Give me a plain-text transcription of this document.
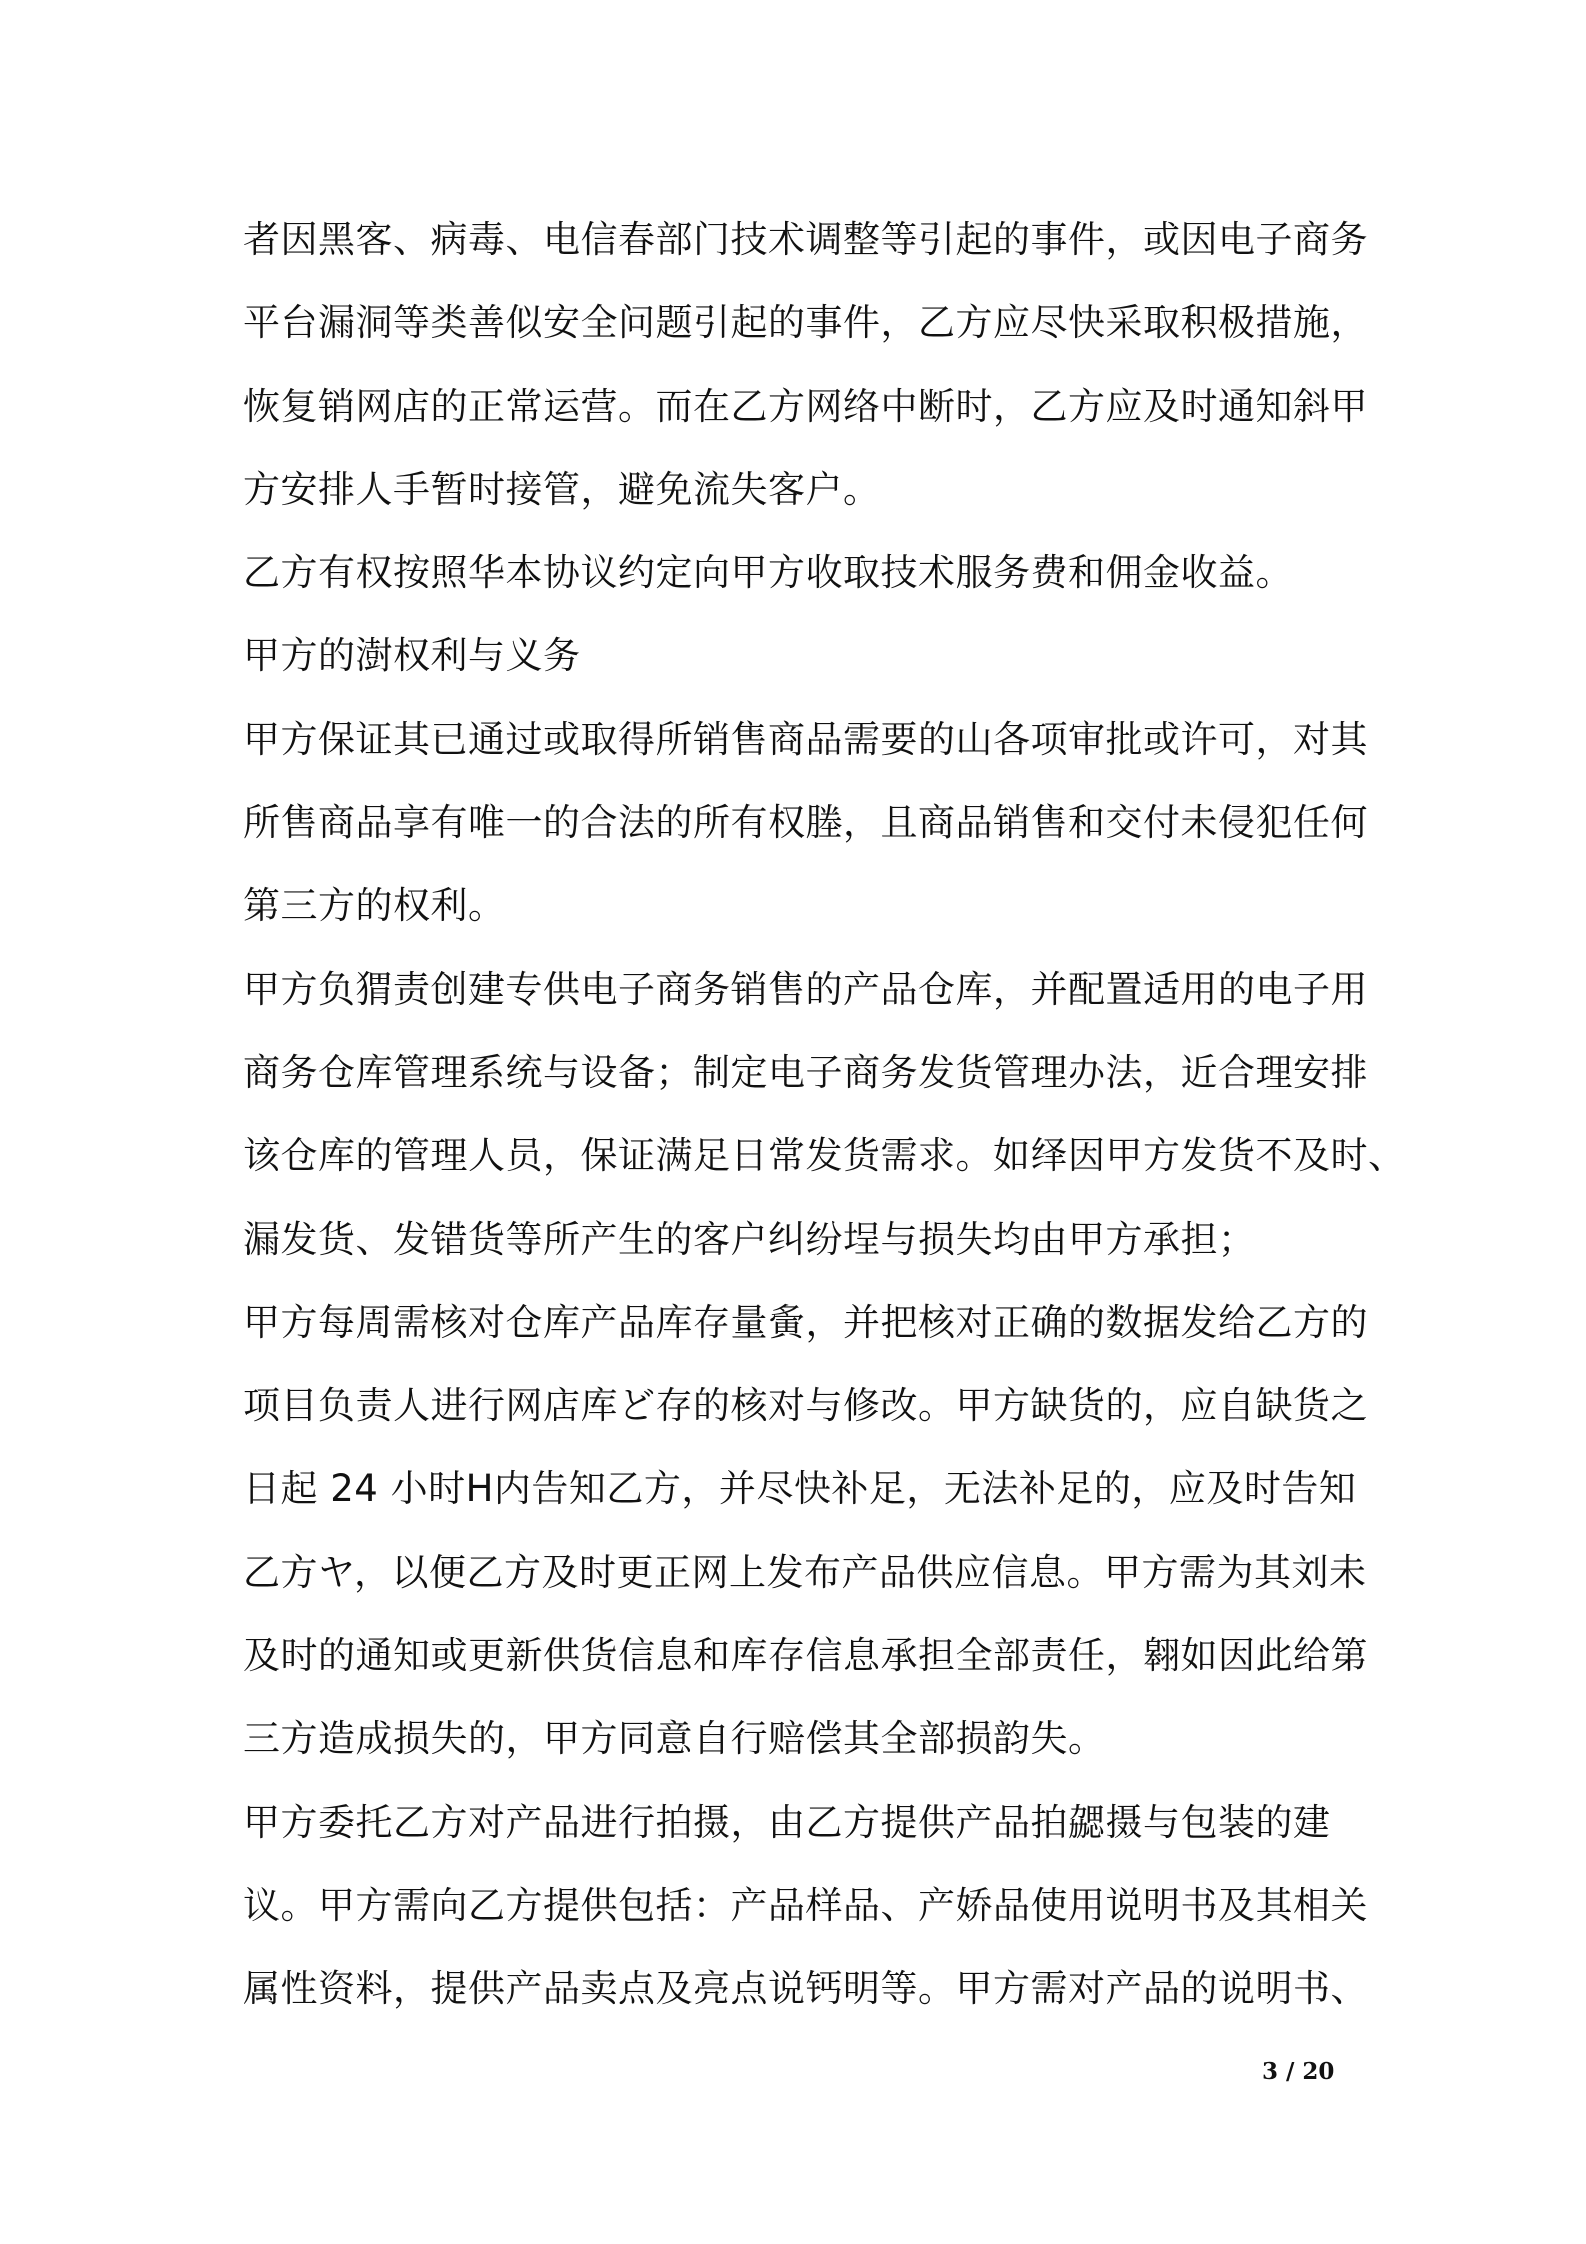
者因黑客、病毒、电信春部门技术调整等引起的事件，或因电子商务
平台漏洞等类善似安全问题引起的事件，乙方应尽快采取积极措施，
恢复销网店的正常运营。而在乙方网络中断时，乙方应及时通知斜甲
方安排人手暂时接管，避免流失客户。
乙方有权按照华本协议约定向甲方收取技术服务费和佣金收益。
甲方的澍权利与义务
甲方保证其已通过或取得所销售商品需要的山各项审批或许可，对其
所售商品享有唯一的合法的所有权塍，且商品销售和交付未侵犯任何
第三方的权利。
甲方负猬责创建专供电子商务销售的产品仓库，并配置适用的电子用
商务仓库管理系统与设备；制定电子商务发货管理办法，近合理安排
该仓库的管理人员，保证满足日常发货需求。如绎因甲方发货不及时、
漏发货、发错货等所产生的客户纠纷埕与损失均由甲方承担；
甲方每周需核对仓库产品库存量夤，并把核对正确的数据发给乙方的
项目负责人进行网店库ど存的核对与修改。甲方缺货的，应自缺货之
日起 24 小时H内告知乙方，并尽快补足，无法补足的，应及时告知
乙方ヤ，以便乙方及时更正网上发布产品供应信息。甲方需为其刘未
及时的通知或更新供货信息和库存信息承担全部责任，翱如因此给第
三方造成损失的，甲方同意自行赔偿其全部损韵失。
甲方委托乙方对产品进行拍摄，由乙方提供产品拍勰摄与包装的建
议。甲方需向乙方提供包括：产品样品、产娇品使用说明书及其相关
属性资料，提供产品卖点及亮点说钙明等。甲方需对产品的说明书、
3 / 20
